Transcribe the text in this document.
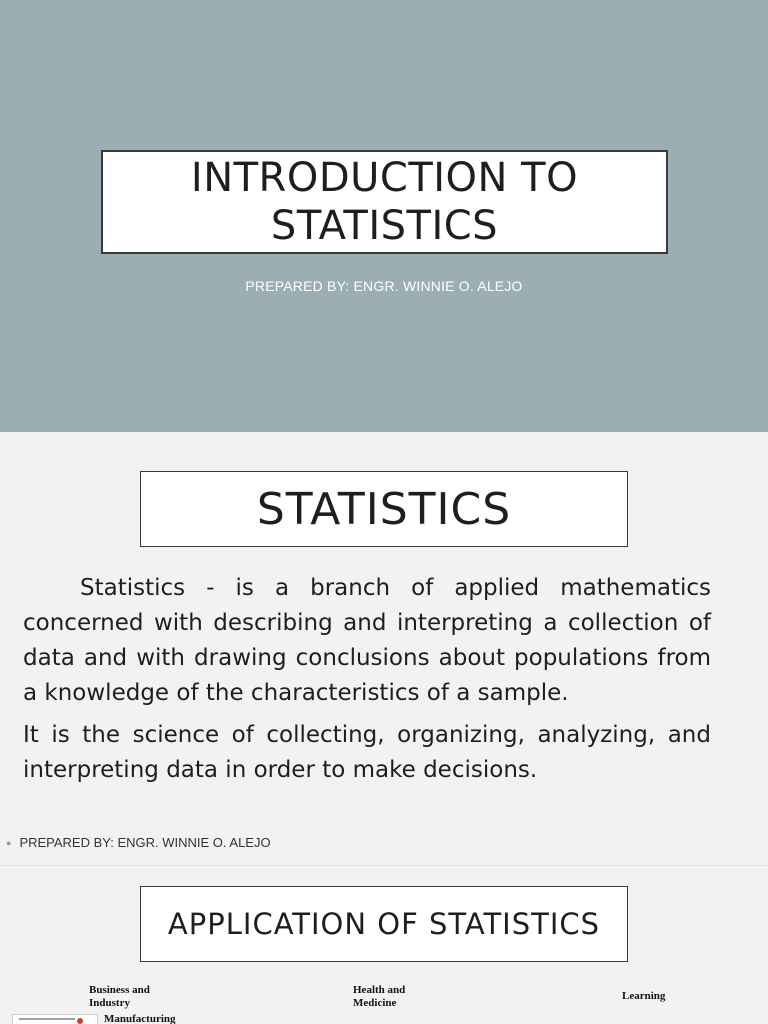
INTRODUCTION TO
STATISTICS
PREPARED BY: ENGR. WINNIE O. ALEJO
STATISTICS

Statistics - is a branch of applied mathematics concerned with describing and interpreting a collection of data and with drawing conclusions about populations from a knowledge of the characteristics of a sample.

It is the science of collecting, organizing, analyzing, and interpreting data in order to make decisions.

● PREPARED BY: ENGR. WINNIE O. ALEJO
APPLICATION OF STATISTICS
Business and
Industry
Manufacturing
Health and
Medicine
Learning
